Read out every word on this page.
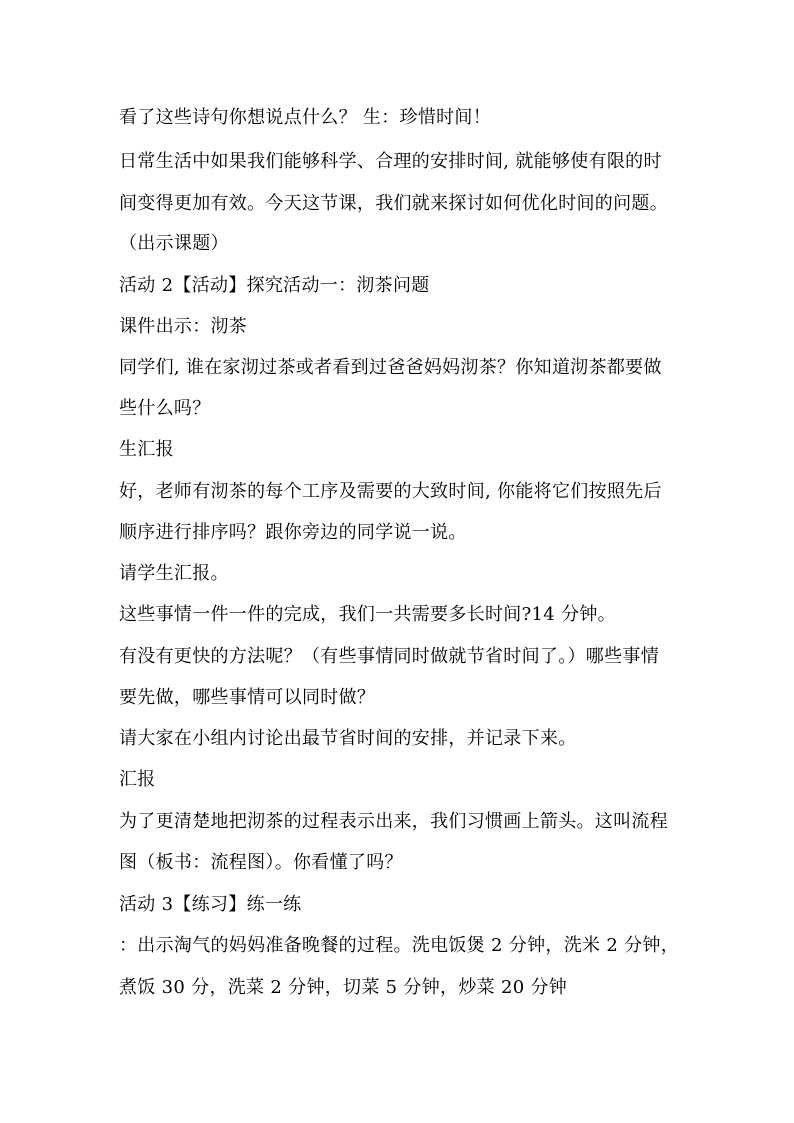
看了这些诗句你想说点什么？ 生：珍惜时间！
日常生活中如果我们能够科学、合理的安排时间, 就能够使有限的时
间变得更加有效。今天这节课，我们就来探讨如何优化时间的问题。
（出示课题）
活动 2【活动】探究活动一：沏茶问题
课件出示：沏茶
同学们, 谁在家沏过茶或者看到过爸爸妈妈沏茶？你知道沏茶都要做
些什么吗？
生汇报
好，老师有沏茶的每个工序及需要的大致时间, 你能将它们按照先后
顺序进行排序吗？跟你旁边的同学说一说。
请学生汇报。
这些事情一件一件的完成，我们一共需要多长时间?14 分钟。
有没有更快的方法呢？（有些事情同时做就节省时间了。）哪些事情
要先做，哪些事情可以同时做？
请大家在小组内讨论出最节省时间的安排，并记录下来。
汇报
为了更清楚地把沏茶的过程表示出来，我们习惯画上箭头。这叫流程
图（板书：流程图）。你看懂了吗？
活动 3【练习】练一练
：出示淘气的妈妈准备晚餐的过程。洗电饭煲 2 分钟，洗米 2 分钟，
煮饭 30 分，洗菜 2 分钟，切菜 5 分钟，炒菜 20 分钟
